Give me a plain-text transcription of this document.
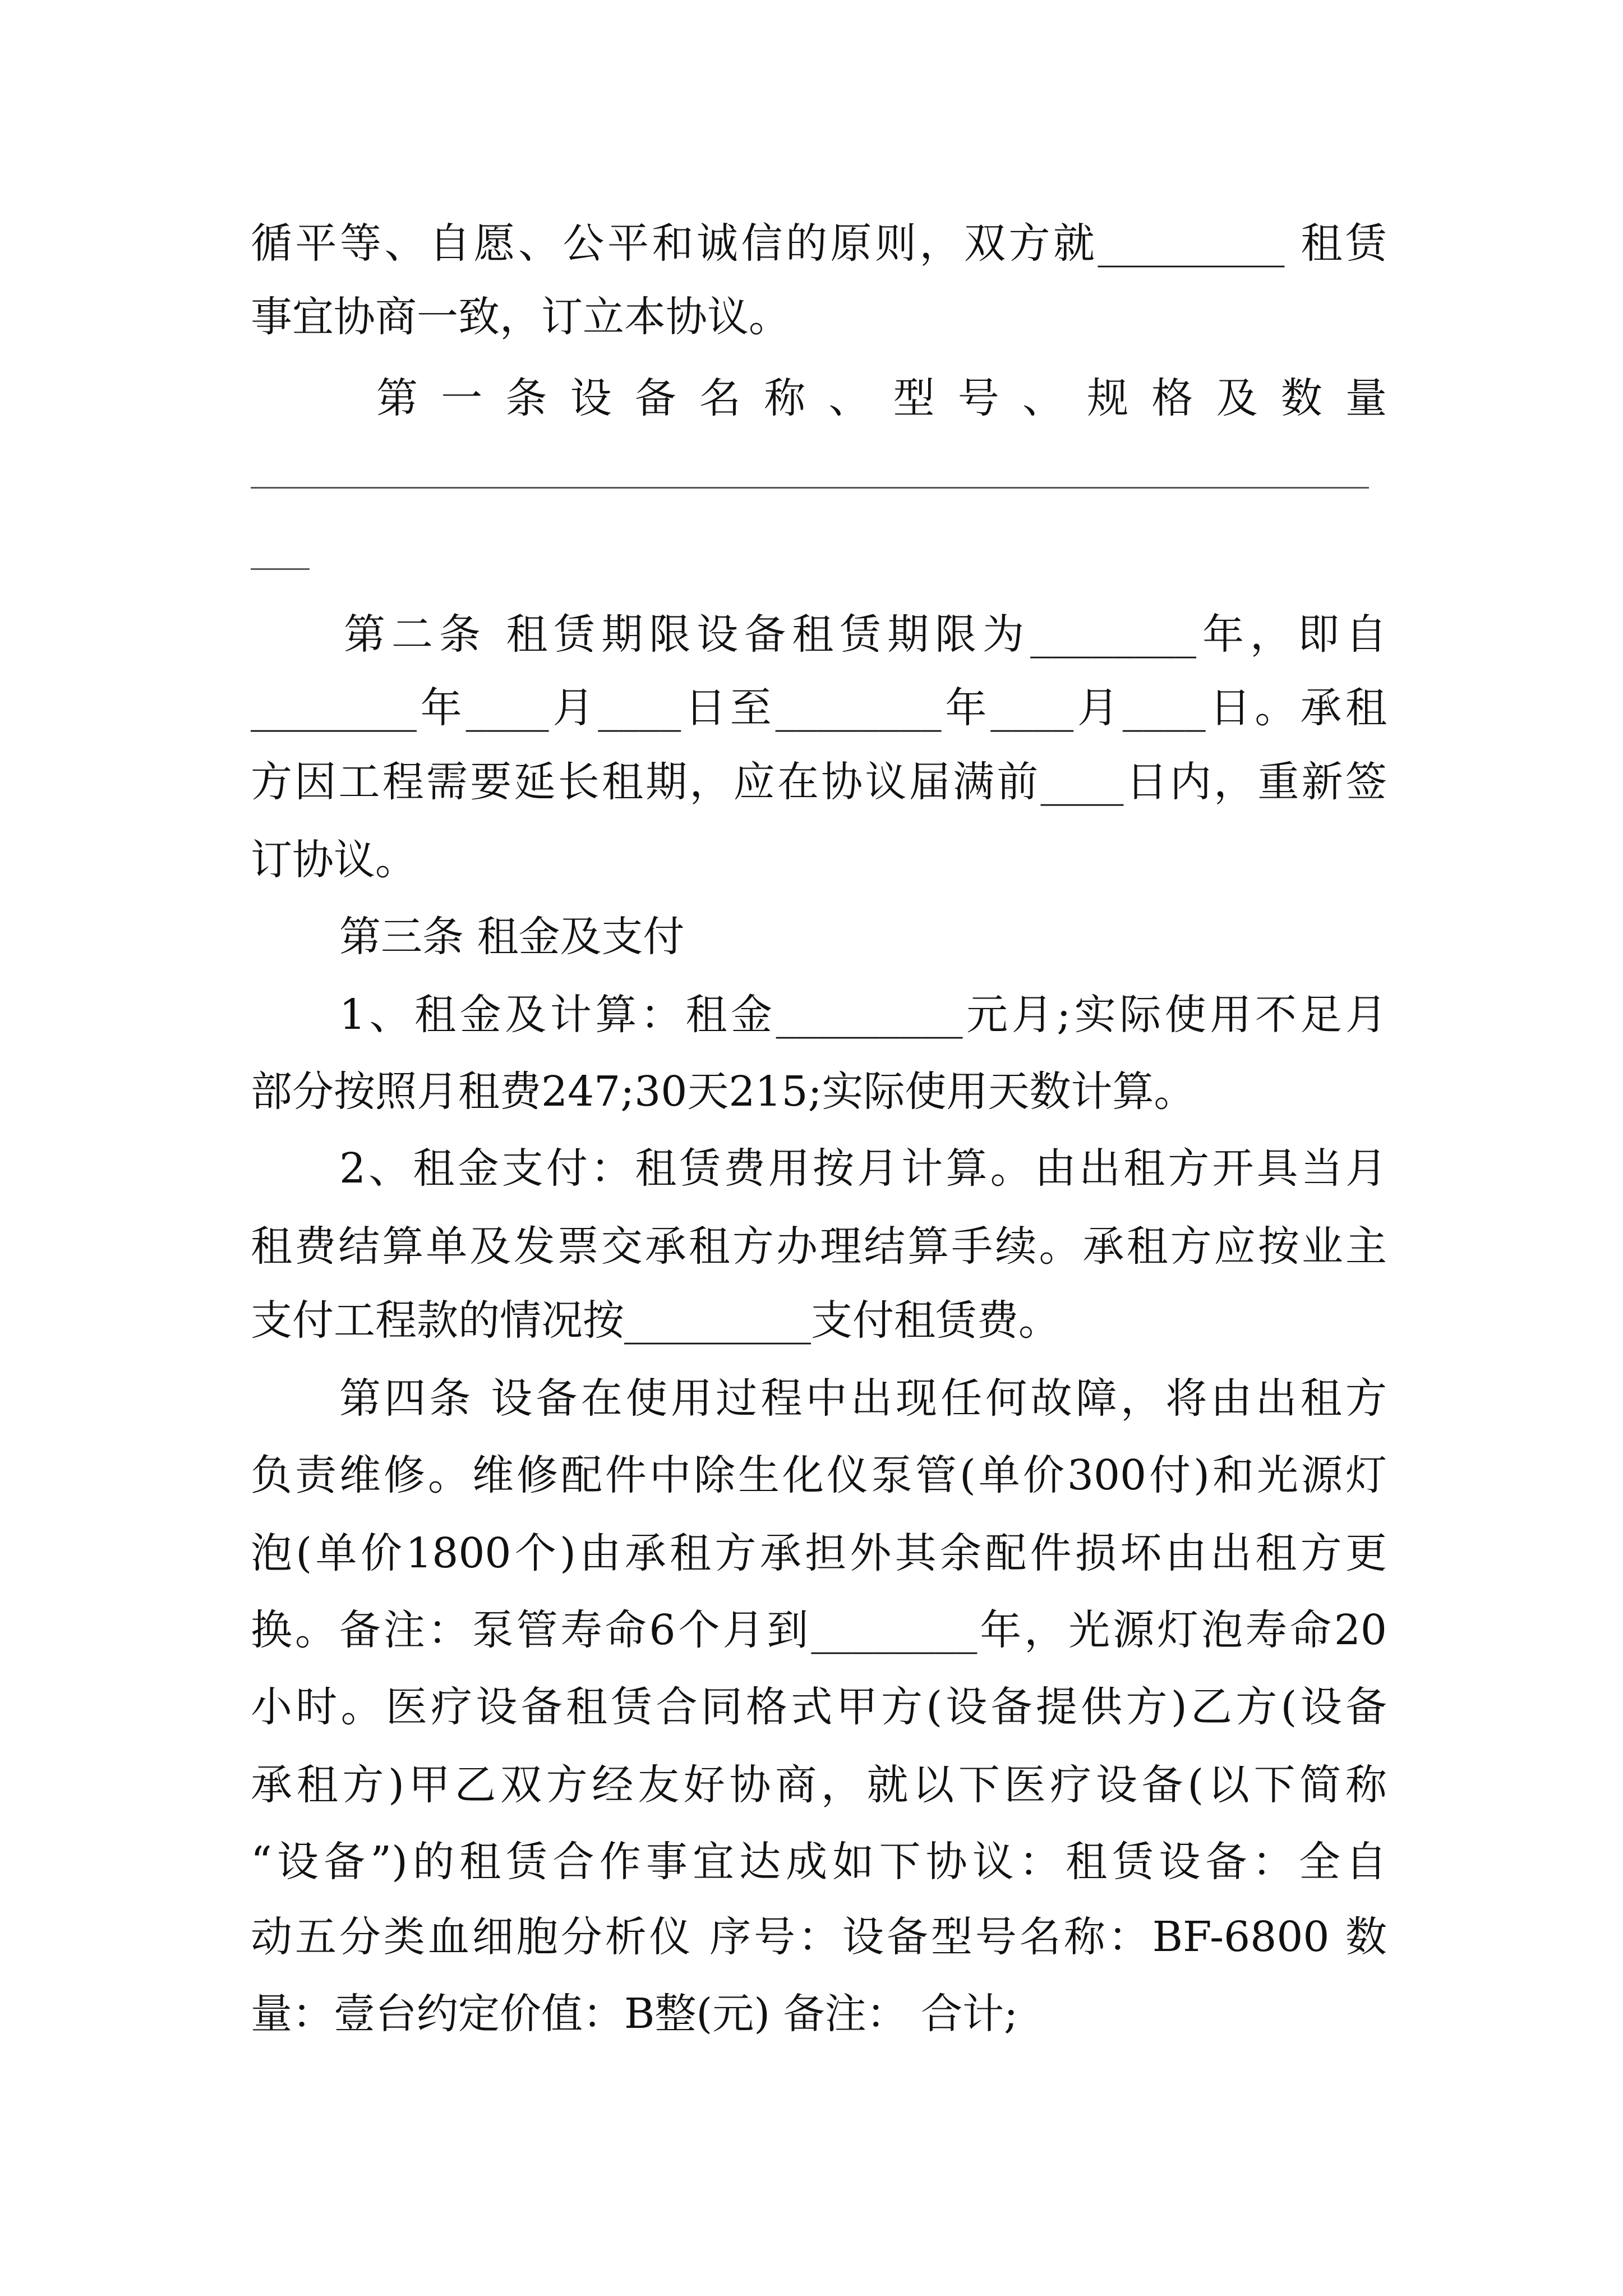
循平等、自愿、公平和诚信的原则，双方就_________ 租赁
事宜协商一致，订立本协议。
第 一 条 设 备 名 称 、 型 号 、 规 格 及 数 量
第二条 租赁期限设备租赁期限为________年，即自
________年____月____日至________年____月____日。承租
方因工程需要延长租期，应在协议届满前____日内，重新签
订协议。
第三条 租金及支付
1、租金及计算：租金_________元月;实际使用不足月
部分按照月租费247;30天215;实际使用天数计算。
2、租金支付：租赁费用按月计算。由出租方开具当月
租费结算单及发票交承租方办理结算手续。承租方应按业主
支付工程款的情况按_________支付租赁费。
第四条 设备在使用过程中出现任何故障，将由出租方
负责维修。维修配件中除生化仪泵管(单价300付)和光源灯
泡(单价1800个)由承租方承担外其余配件损坏由出租方更
换。备注：泵管寿命6个月到________年，光源灯泡寿命20
小时。医疗设备租赁合同格式甲方(设备提供方)乙方(设备
承租方)甲乙双方经友好协商，就以下医疗设备(以下简称
“设备”)的租赁合作事宜达成如下协议：租赁设备：全自
动五分类血细胞分析仪 序号：设备型号名称：BF-6800 数
量：壹台约定价值：B整(元) 备注： 合计;
